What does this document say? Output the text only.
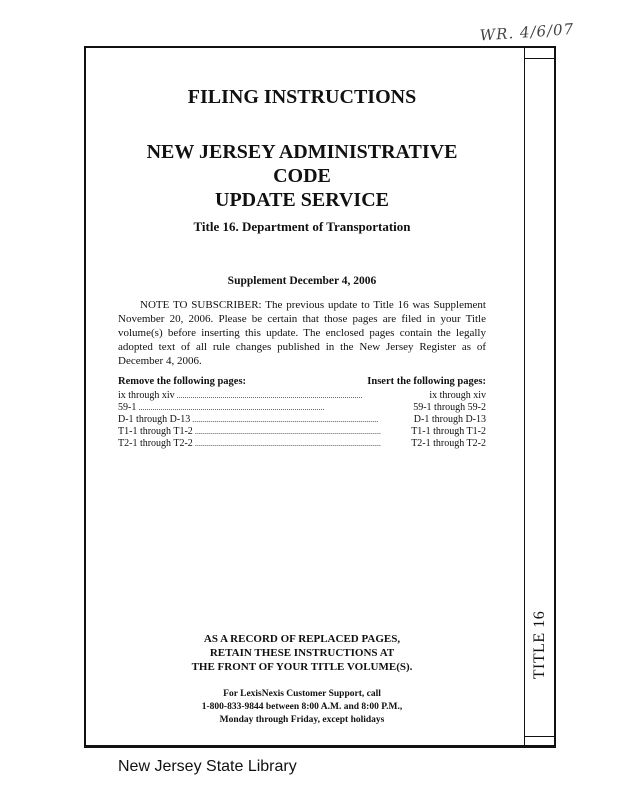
WR. 4/6/07
TITLE 16
FILING INSTRUCTIONS
NEW JERSEY ADMINISTRATIVE CODE
UPDATE SERVICE
Title 16. Department of Transportation
Supplement December 4, 2006

NOTE TO SUBSCRIBER: The previous update to Title 16 was Supplement November 20, 2006. Please be certain that those pages are filed in your Title volume(s) before inserting this update. The enclosed pages contain the legally adopted text of all rule changes published in the New Jersey Register as of December 4, 2006.

Remove the following pages:	Insert the following pages:
ix through xiv . . .	ix through xiv
59-1 . . .	59-1 through 59-2
D-1 through D-13 . . .	D-1 through D-13
T1-1 through T1-2 . . .	T1-1 through T1-2
T2-1 through T2-2 . . .	T2-1 through T2-2
AS A RECORD OF REPLACED PAGES,
RETAIN THESE INSTRUCTIONS AT
THE FRONT OF YOUR TITLE VOLUME(S).
For LexisNexis Customer Support, call
1-800-833-9844 between 8:00 A.M. and 8:00 P.M.,
Monday through Friday, except holidays
New Jersey State Library
